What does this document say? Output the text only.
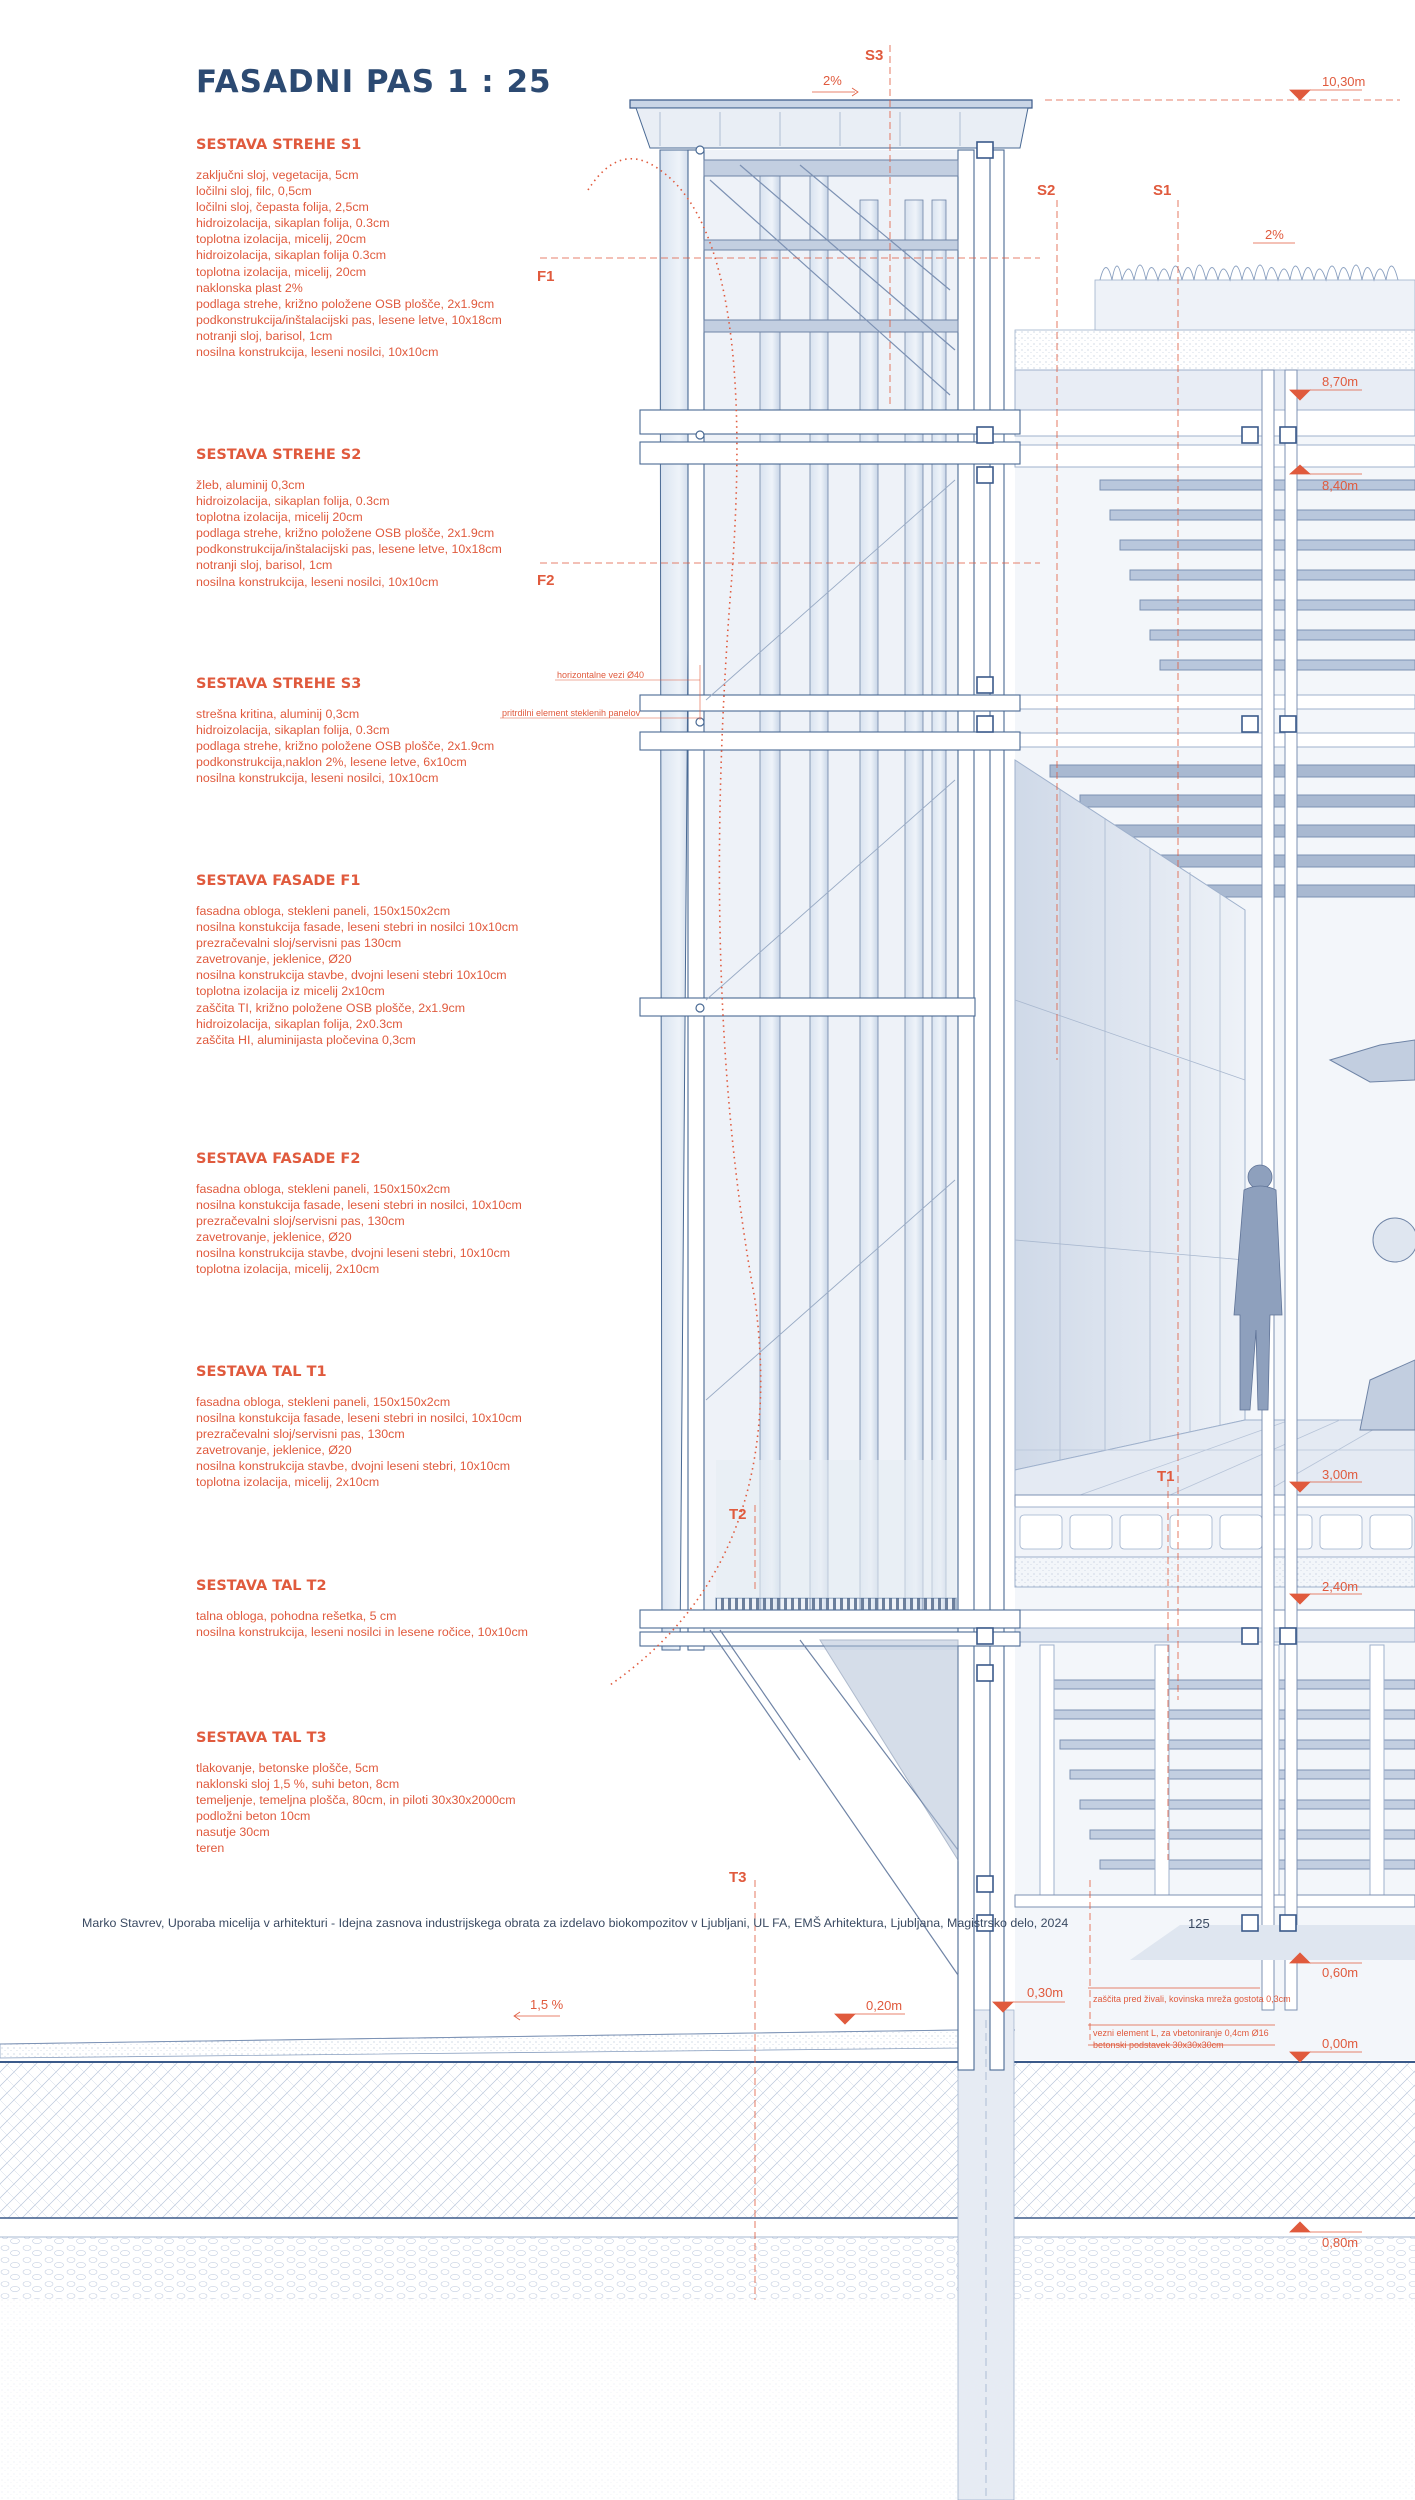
S3
S2	S1
F1
F2
T1
T2
T3
10,30m
8,70m
8,40m
3,00m
2,40m
0,60m
0,00m
0,30m
0,20m
0,80m
2%
2%
1,5 %
horizontalne vezi Ø40
pritrdilni element steklenih panelov
zaščita pred živali, kovinska mreža gostota 0,3cm
vezni element L, za vbetoniranje 0,4cm Ø16
betonski podstavek 30x30x30cm
FASADNI PAS 1 : 25
SESTAVA STREHE S1
zaključni sloj, vegetacija, 5cm
ločilni sloj, filc, 0,5cm
ločilni sloj, čepasta folija, 2,5cm
hidroizolacija, sikaplan folija, 0.3cm
toplotna izolacija, micelij, 20cm
hidroizolacija, sikaplan folija 0.3cm
toplotna izolacija, micelij, 20cm
naklonska plast 2%
podlaga strehe, križno položene OSB plošče, 2x1.9cm
podkonstrukcija/inštalacijski pas, lesene letve, 10x18cm
notranji sloj, barisol, 1cm
nosilna konstrukcija, leseni nosilci, 10x10cm
SESTAVA STREHE S2
žleb, aluminij 0,3cm
hidroizolacija, sikaplan folija, 0.3cm
toplotna izolacija, micelij 20cm
podlaga strehe, križno položene OSB plošče, 2x1.9cm
podkonstrukcija/inštalacijski pas, lesene letve, 10x18cm
notranji sloj, barisol, 1cm
nosilna konstrukcija, leseni nosilci, 10x10cm
SESTAVA STREHE S3
strešna kritina, aluminij 0,3cm
hidroizolacija, sikaplan folija, 0.3cm
podlaga strehe, križno položene OSB plošče, 2x1.9cm
podkonstrukcija,naklon 2%, lesene letve, 6x10cm
nosilna konstrukcija, leseni nosilci, 10x10cm
SESTAVA FASADE F1
fasadna obloga, stekleni paneli, 150x150x2cm
nosilna konstukcija fasade, leseni stebri in nosilci 10x10cm
prezračevalni sloj/servisni pas 130cm
zavetrovanje, jeklenice, Ø20
nosilna konstrukcija stavbe, dvojni leseni stebri 10x10cm
toplotna izolacija iz micelij 2x10cm
zaščita TI, križno položene OSB plošče, 2x1.9cm
hidroizolacija, sikaplan folija, 2x0.3cm
zaščita HI, aluminijasta pločevina 0,3cm
SESTAVA FASADE F2
fasadna obloga, stekleni paneli, 150x150x2cm
nosilna konstukcija fasade, leseni stebri in nosilci, 10x10cm
prezračevalni sloj/servisni pas, 130cm
zavetrovanje, jeklenice, Ø20
nosilna konstrukcija stavbe, dvojni leseni stebri, 10x10cm
toplotna izolacija, micelij, 2x10cm
SESTAVA TAL T1
fasadna obloga, stekleni paneli, 150x150x2cm
nosilna konstukcija fasade, leseni stebri in nosilci, 10x10cm
prezračevalni sloj/servisni pas, 130cm
zavetrovanje, jeklenice, Ø20
nosilna konstrukcija stavbe, dvojni leseni stebri, 10x10cm
toplotna izolacija, micelij, 2x10cm
SESTAVA TAL T2
talna obloga, pohodna rešetka, 5 cm
nosilna konstrukcija, leseni nosilci in lesene ročice, 10x10cm
SESTAVA TAL T3
tlakovanje, betonske plošče, 5cm
naklonski sloj 1,5 %, suhi beton, 8cm
temeljenje, temeljna plošča, 80cm, in piloti 30x30x2000cm
podložni beton 10cm
nasutje 30cm
teren
Marko Stavrev, Uporaba micelija v arhitekturi - Idejna zasnova industrijskega obrata za izdelavo biokompozitov v Ljubljani, UL FA, EMŠ Arhitektura, Ljubljana, Magistrsko delo, 2024	125
